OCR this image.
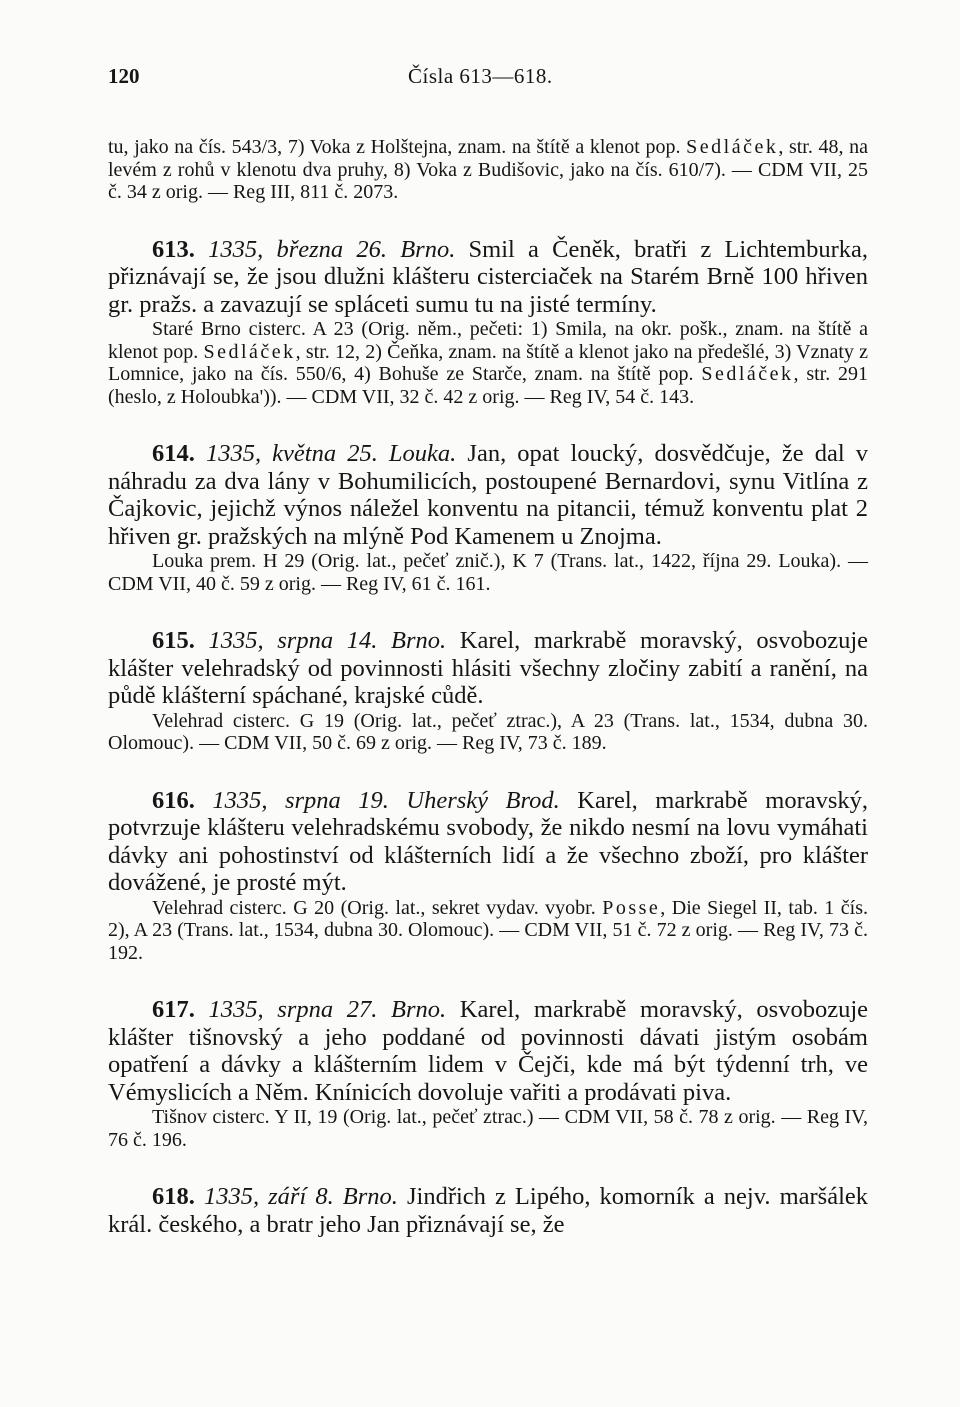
120	Čísla 613—618.

tu, jako na čís. 543/3, 7) Voka z Holštejna, znam. na štítě a klenot pop. Sedláček, str. 48, na levém z rohů v klenotu dva pruhy, 8) Voka z Budišovic, jako na čís. 610/7). — CDM VII, 25 č. 34 z orig. — Reg III, 811 č. 2073.

613. 1335, března 26. Brno. Smil a Čeněk, bratři z Lichtemburka, přiznávají se, že jsou dlužni klášteru cisterciaček na Starém Brně 100 hřiven gr. pražs. a zavazují se spláceti sumu tu na jisté termíny.

Staré Brno cisterc. A 23 (Orig. něm., pečeti: 1) Smila, na okr. pošk., znam. na štítě a klenot pop. Sedláček, str. 12, 2) Čeňka, znam. na štítě a klenot jako na předešlé, 3) Vznaty z Lomnice, jako na čís. 550/6, 4) Bohuše ze Starče, znam. na štítě pop. Sedláček, str. 291 (heslo, z Holoubka')). — CDM VII, 32 č. 42 z orig. — Reg IV, 54 č. 143.

614. 1335, května 25. Louka. Jan, opat loucký, dosvědčuje, že dal v náhradu za dva lány v Bohumilicích, postoupené Bernardovi, synu Vitlína z Čajkovic, jejichž výnos náležel konventu na pitancii, témuž konventu plat 2 hřiven gr. pražských na mlýně Pod Kamenem u Znojma.

Louka prem. H 29 (Orig. lat., pečeť znič.), K 7 (Trans. lat., 1422, října 29. Louka). — CDM VII, 40 č. 59 z orig. — Reg IV, 61 č. 161.

615. 1335, srpna 14. Brno. Karel, markrabě moravský, osvobozuje klášter velehradský od povinnosti hlásiti všechny zločiny zabití a ranění, na půdě klášterní spáchané, krajské cůdě.

Velehrad cisterc. G 19 (Orig. lat., pečeť ztrac.), A 23 (Trans. lat., 1534, dubna 30. Olomouc). — CDM VII, 50 č. 69 z orig. — Reg IV, 73 č. 189.

616. 1335, srpna 19. Uherský Brod. Karel, markrabě moravský, potvrzuje klášteru velehradskému svobody, že nikdo nesmí na lovu vymáhati dávky ani pohostinství od klášterních lidí a že všechno zboží, pro klášter dovážené, je prosté mýt.

Velehrad cisterc. G 20 (Orig. lat., sekret vydav. vyobr. Posse, Die Siegel II, tab. 1 čís. 2), A 23 (Trans. lat., 1534, dubna 30. Olomouc). — CDM VII, 51 č. 72 z orig. — Reg IV, 73 č. 192.

617. 1335, srpna 27. Brno. Karel, markrabě moravský, osvobozuje klášter tišnovský a jeho poddané od povinnosti dávati jistým osobám opatření a dávky a klášterním lidem v Čejči, kde má být týdenní trh, ve Vémyslicích a Něm. Knínicích dovoluje vařiti a prodávati piva.

Tišnov cisterc. Y II, 19 (Orig. lat., pečeť ztrac.) — CDM VII, 58 č. 78 z orig. — Reg IV, 76 č. 196.

618. 1335, září 8. Brno. Jindřich z Lipého, komorník a nejv. maršálek král. českého, a bratr jeho Jan přiznávají se, že
